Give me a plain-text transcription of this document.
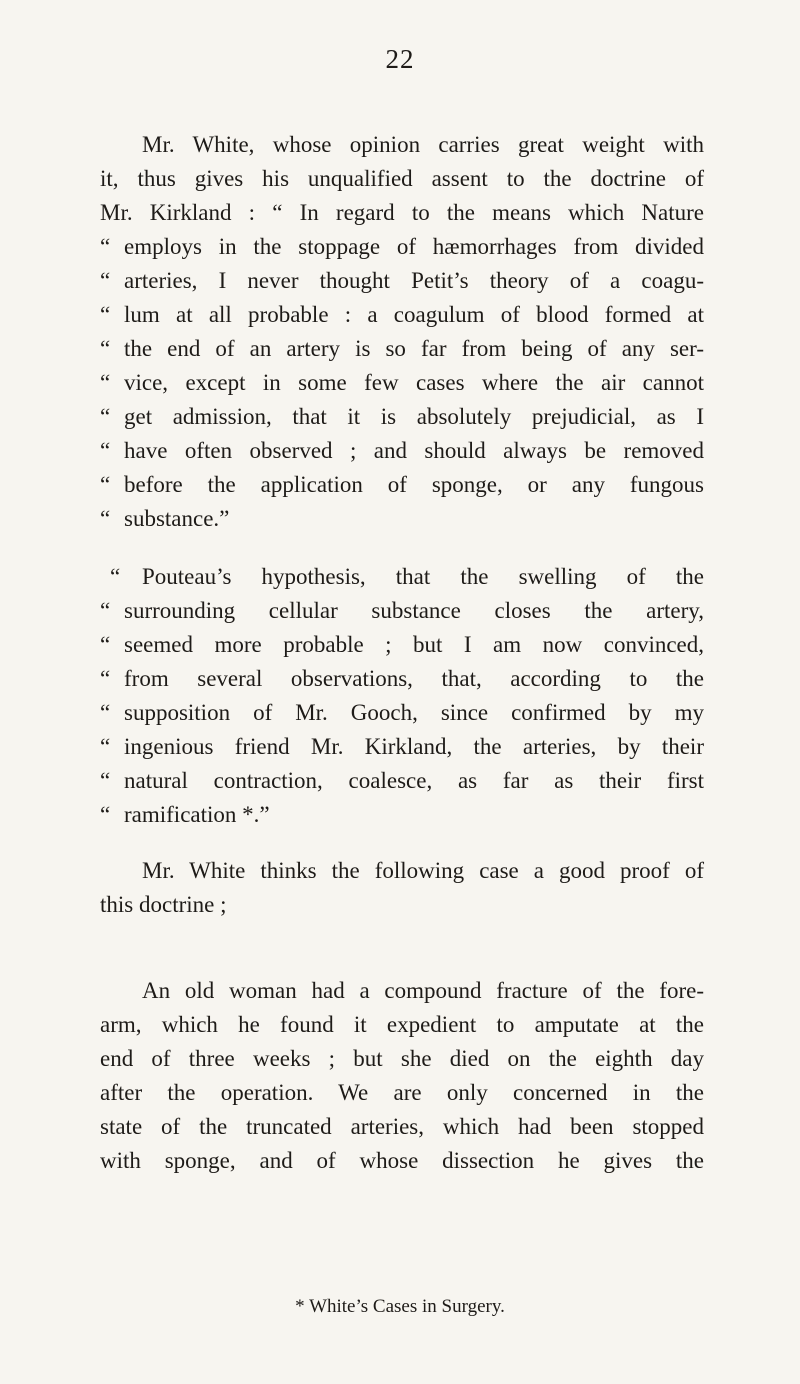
22
Mr. White, whose opinion carries great weight with
it, thus gives his unqualified assent to the doctrine of
Mr. Kirkland : “ In regard to the means which Nature
“ employs in the stoppage of hæmorrhages from divided
“ arteries, I never thought Petit’s theory of a coagu-
“ lum at all probable : a coagulum of blood formed at
“ the end of an artery is so far from being of any ser-
“ vice, except in some few cases where the air cannot
“ get admission, that it is absolutely prejudicial, as I
“ have often observed ; and should always be removed
“ before the application of sponge, or any fungous
“ substance.”
“ Pouteau’s hypothesis, that the swelling of the
“ surrounding cellular substance closes the artery,
“ seemed more probable ; but I am now convinced,
“ from several observations, that, according to the
“ supposition of Mr. Gooch, since confirmed by my
“ ingenious friend Mr. Kirkland, the arteries, by their
“ natural contraction, coalesce, as far as their first
“ ramification *.”
Mr. White thinks the following case a good proof of
this doctrine ;
An old woman had a compound fracture of the fore-
arm, which he found it expedient to amputate at the
end of three weeks ; but she died on the eighth day
after the operation. We are only concerned in the
state of the truncated arteries, which had been stopped
with sponge, and of whose dissection he gives the
* White’s Cases in Surgery.
